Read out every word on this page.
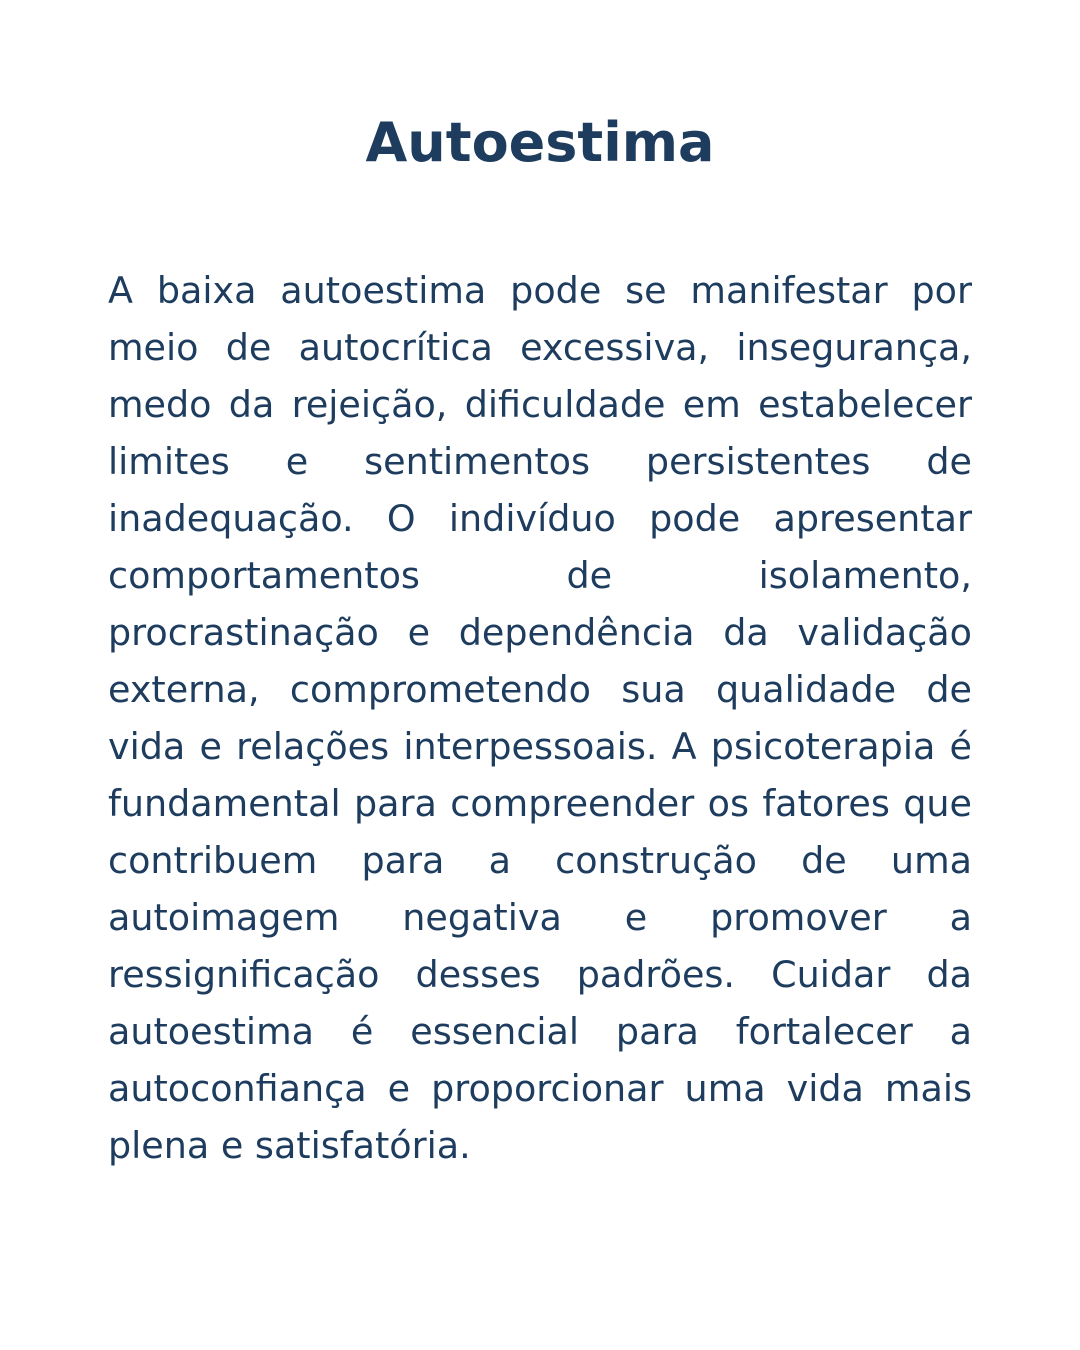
Autoestima

A baixa autoestima pode se manifestar por meio de autocrítica excessiva, insegurança, medo da rejeição, dificuldade em estabelecer limites e sentimentos persistentes de inadequação. O indivíduo pode apresentar comportamentos de isolamento, procrastinação e dependência da validação externa, comprometendo sua qualidade de vida e relações interpessoais. A psicoterapia é fundamental para compreender os fatores que contribuem para a construção de uma autoimagem negativa e promover a ressignificação desses padrões. Cuidar da autoestima é essencial para fortalecer a autoconfiança e proporcionar uma vida mais plena e satisfatória.
